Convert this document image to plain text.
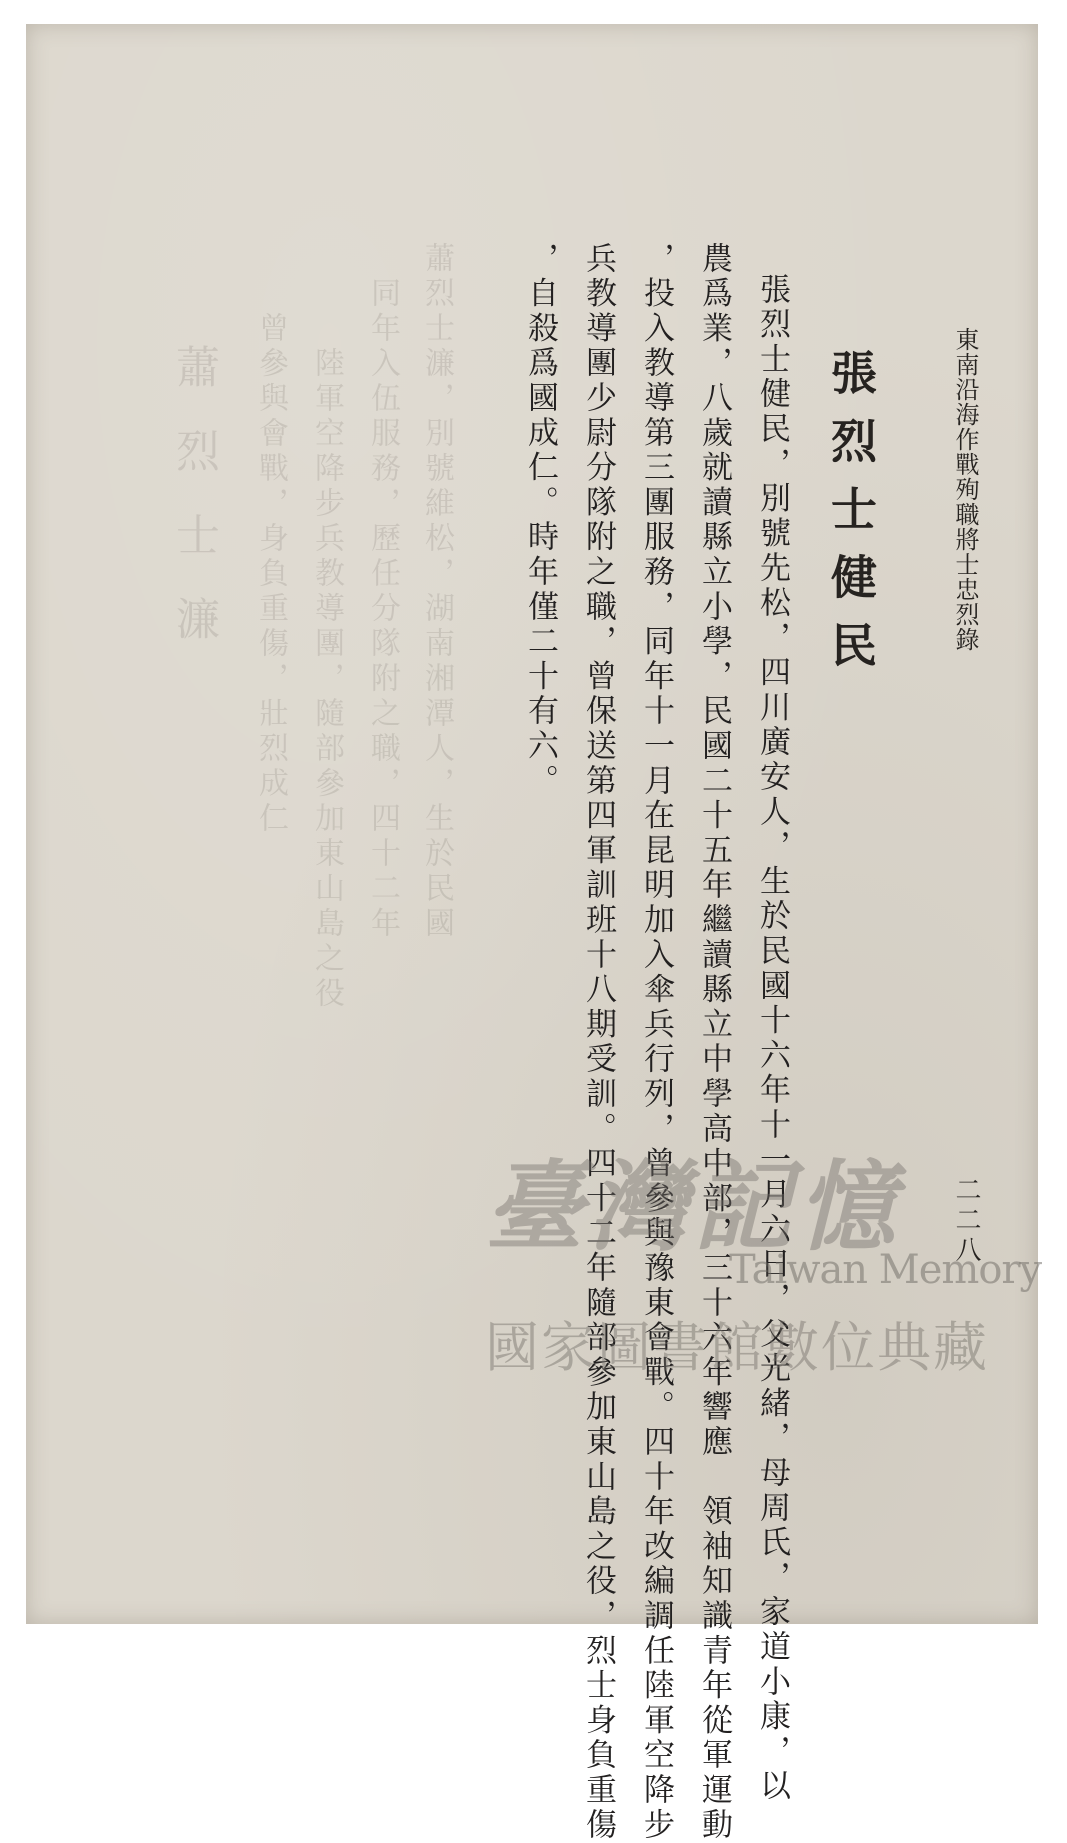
蕭烈士濂	蕭烈士濂，別號維松，湖南湘潭人，生於民國
　同年入伍服務，歷任分隊附之職，四十二年
　　　陸軍空降步兵教導團，隨部參加東山島之役
　　曾參與會戰，身負重傷，壯烈成仁	東南沿海作戰殉職將士忠烈錄
二二八
張烈士健民
張烈士健民，別號先松，四川廣安人，生於民國十六年十一月六日，父光緒，母周氏，家道小康，以
農爲業，八歲就讀縣立小學，民國二十五年繼讀縣立中學高中部，三十六年響應　領袖知識青年從軍運動
，投入教導第三團服務，同年十一月在昆明加入傘兵行列，曾參與豫東會戰。四十年改編調任陸軍空降步
兵教導團少尉分隊附之職，曾保送第四軍訓班十八期受訓。四十二年隨部參加東山島之役，烈士身負重傷
，自殺爲國成仁。時年僅二十有六。
臺灣記憶
Taiwan Memory
國家圖書館數位典藏
